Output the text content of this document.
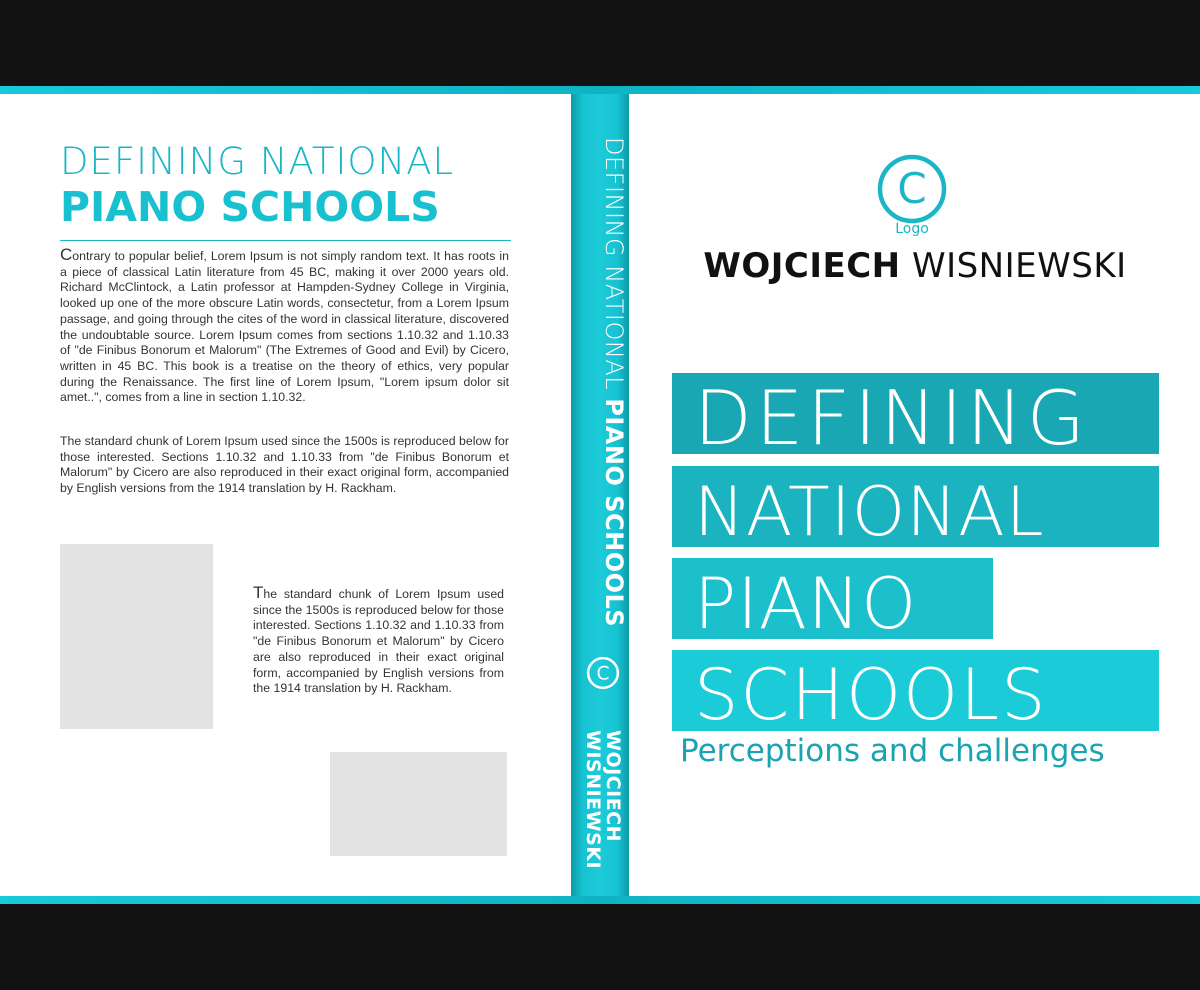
DEFINING NATIONAL
PIANO SCHOOLS
Contrary to popular belief, Lorem Ipsum is not simply random text. It has roots in a piece of classical Latin literature from 45 BC, making it over 2000 years old. Richard McClintock, a Latin professor at Hampden-Sydney College in Virginia, looked up one of the more obscure Latin words, consectetur, from a Lorem Ipsum passage, and going through the cites of the word in classical literature, discovered the undoubtable source. Lorem Ipsum comes from sections 1.10.32 and 1.10.33 of "de Finibus Bonorum et Malorum" (The Extremes of Good and Evil) by Cicero, written in 45 BC. This book is a treatise on the theory of ethics, very popular during the Renaissance. The first line of Lorem Ipsum, "Lorem ipsum dolor sit amet..", comes from a line in section 1.10.32.
The standard chunk of Lorem Ipsum used since the 1500s is reproduced below for those interested. Sections 1.10.32 and 1.10.33 from "de Finibus Bonorum et Malorum" by Cicero are also reproduced in their exact original form, accompanied by English versions from the 1914 translation by H. Rackham.
The standard chunk of Lorem Ipsum used since the 1500s is reproduced below for those interested. Sections 1.10.32 and 1.10.33 from "de Finibus Bonorum et Malorum" by Cicero are also reproduced in their exact original form, accompanied by English versions from the 1914 translation by H. Rackham.
DEFINING NATIONAL PIANO SCHOOLS
C
WOJCIECH
WISNIEWSKI
C
Logo
WOJCIECH WISNIEWSKI
DEFINING
NATIONAL
PIANO
SCHOOLS
Perceptions and challenges
